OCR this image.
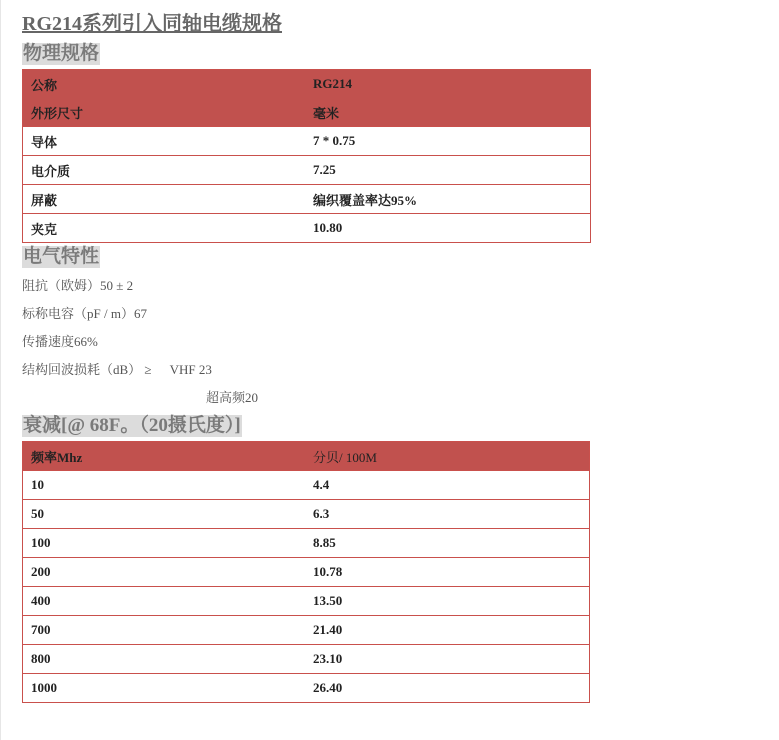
RG214系列引入同轴电缆规格
物理规格
公称	RG214
外形尺寸	毫米
导体	7 * 0.75
电介质	7.25
屏蔽	编织覆盖率达95%
夹克	10.80
电气特性

阻抗（欧姆）50 ± 2

标称电容（pF / m）67

传播速度66%

结构回波损耗（dB） ≥ VHF 23

超高频20

衰减[@ 68F。（20摄氏度）]
频率Mhz	分贝/ 100M
10	4.4
50	6.3
100	8.85
200	10.78
400	13.50
700	21.40
800	23.10
1000	26.40
